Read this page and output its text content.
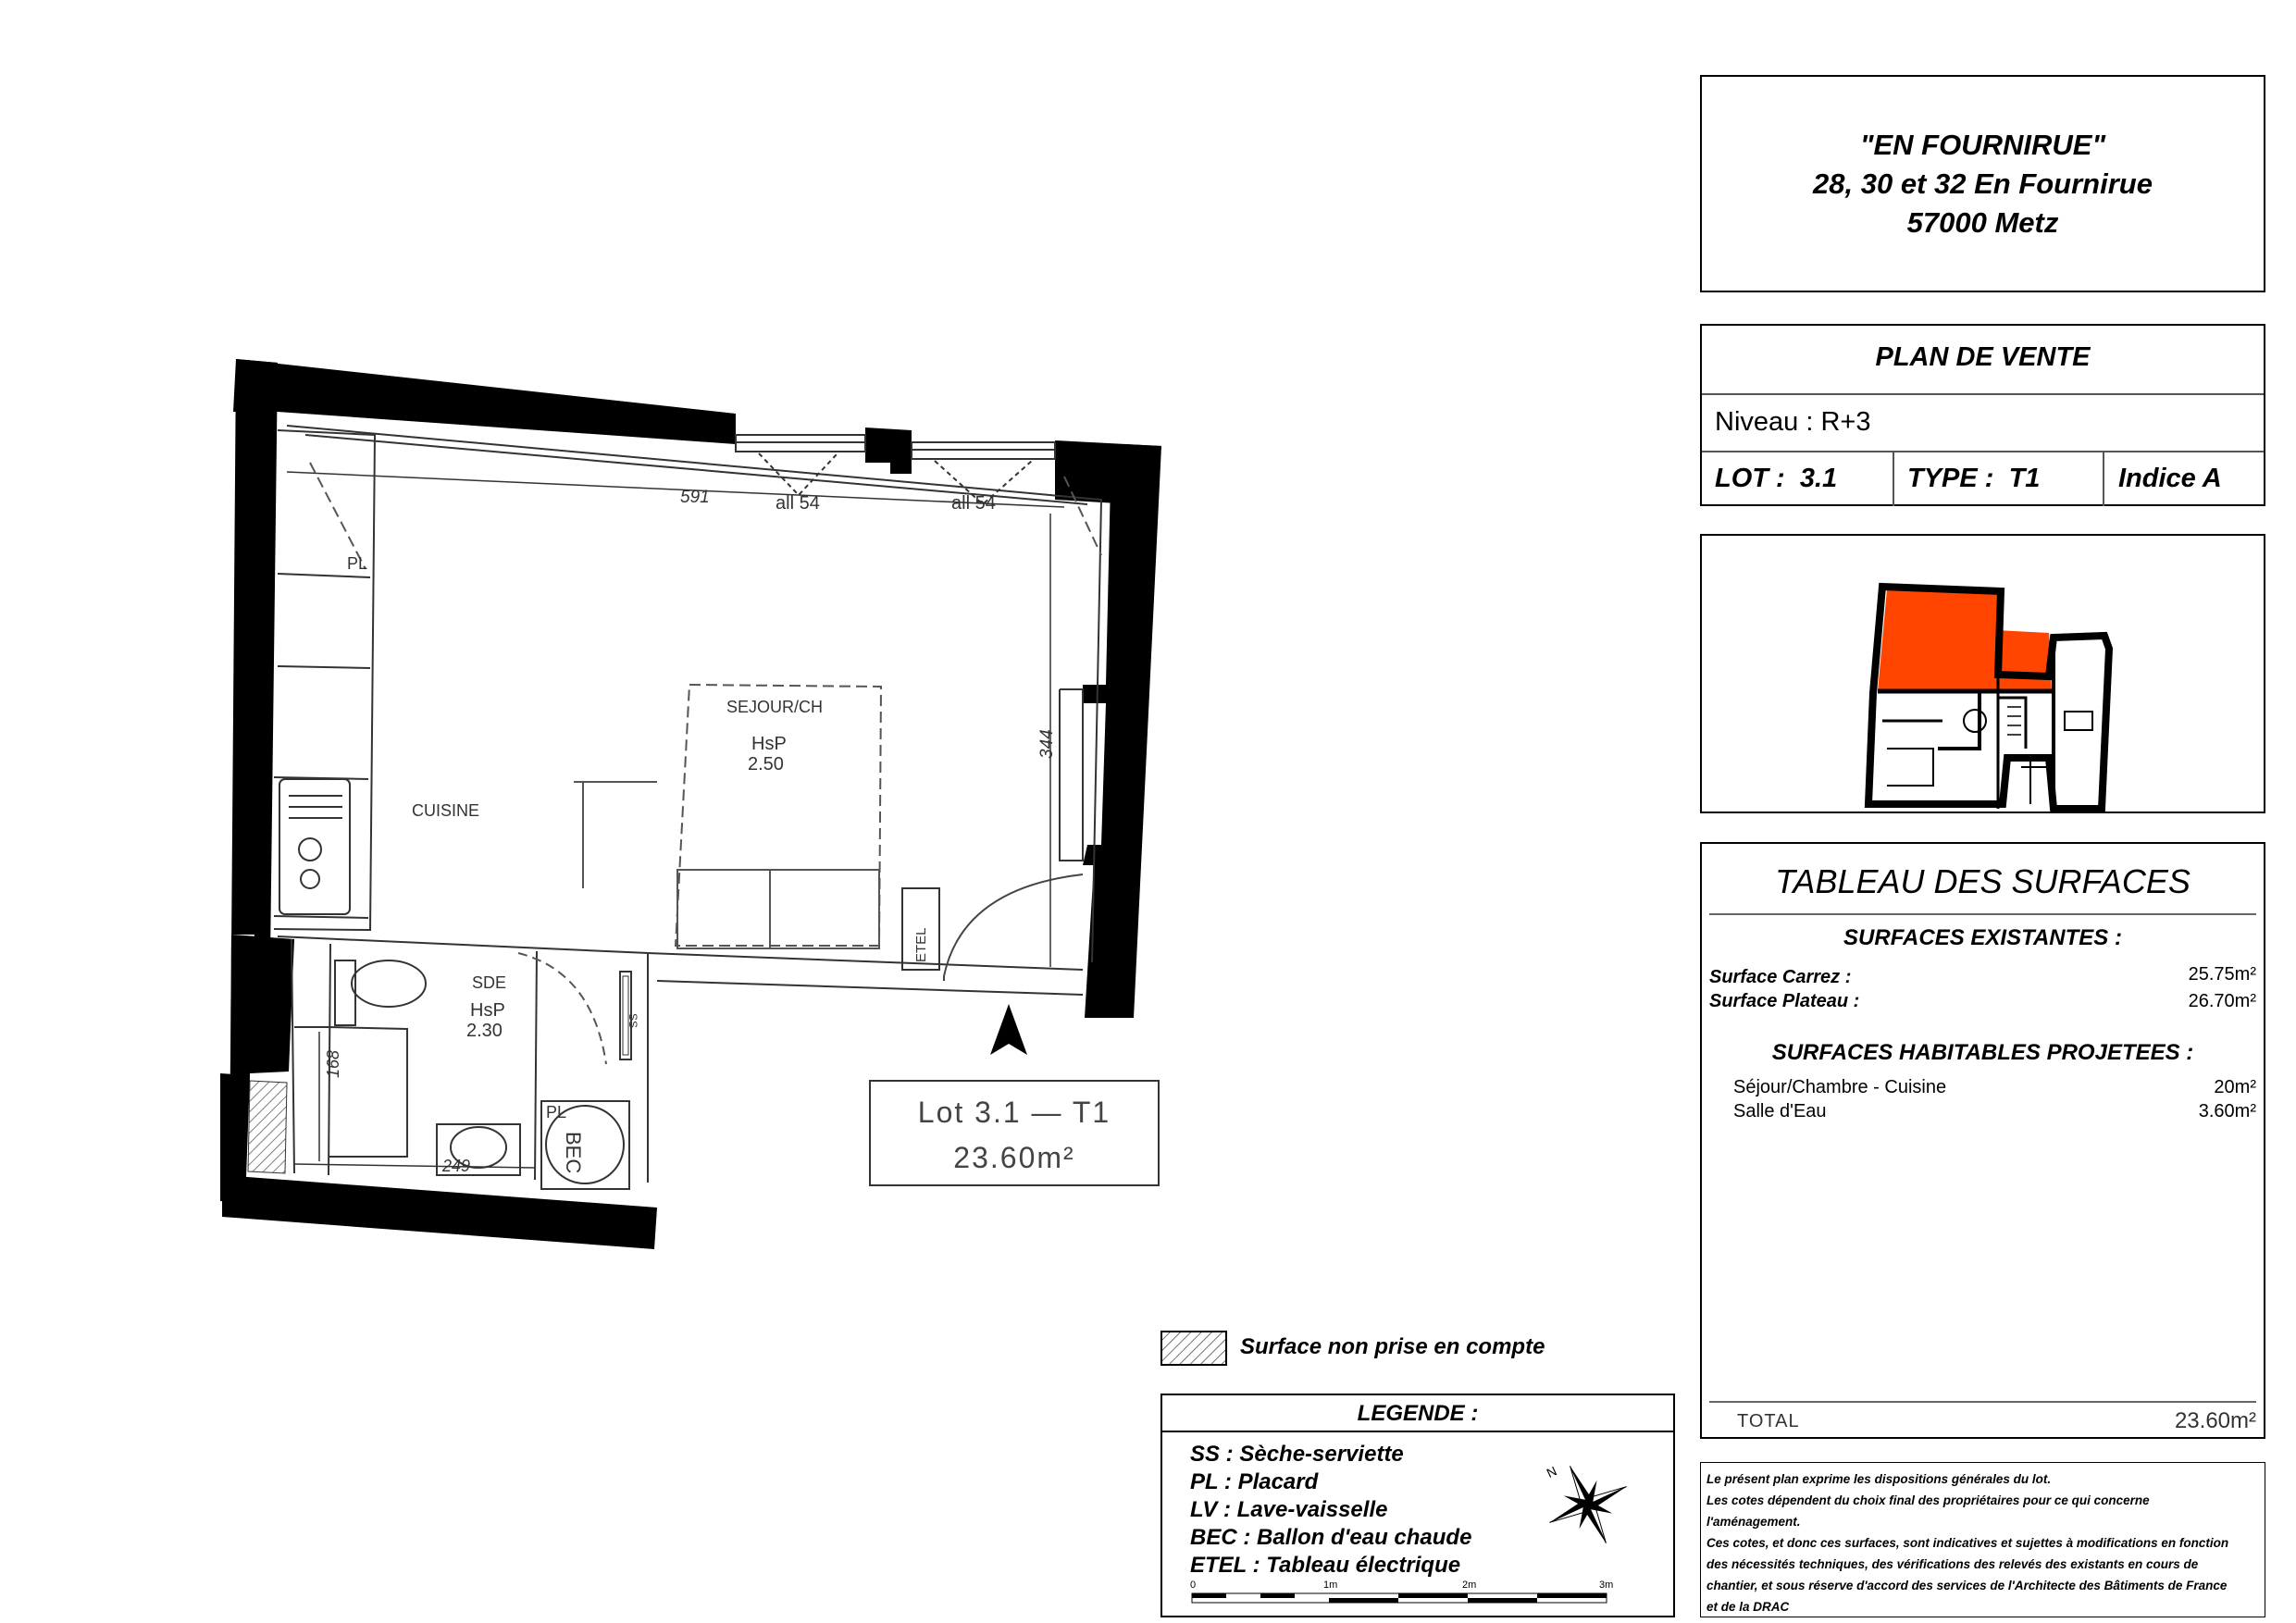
"EN FOURNIRUE"
28, 30 et 32 En Fournirue
57000 Metz
PLAN DE VENTE
Niveau : R+3
LOT :  3.1	TYPE :  T1	Indice A
TABLEAU DES SURFACES
SURFACES EXISTANTES :
Surface Carrez :	25.75m²
Surface Plateau :	26.70m²
SURFACES HABITABLES PROJETEES :
Séjour/Chambre - Cuisine	20m²
Salle d'Eau	3.60m²
TOTAL	23.60m²
Le présent plan exprime les dispositions générales du lot.
Les cotes dépendent du choix final des propriétaires pour ce qui concerne
l'aménagement.
Ces cotes, et donc ces surfaces, sont indicatives et sujettes à modifications en fonction
des nécessités techniques, des vérifications des relevés des existants en cours de
chantier, et sous réserve d'accord des services de l'Architecte des Bâtiments de France
et de la DRAC
Surface non prise en compte
LEGENDE :
SS : Sèche-serviette
PL : Placard
LV : Lave-vaisselle
BEC : Ballon d'eau chaude
ETEL : Tableau électrique
N
0	1m	2m	3m
CUISINE
SEJOUR/CH
HsP
2.50
SDE
HsP
2.30
PL
PL
all 54	all 54
ETEL
SS
BEC
591
344
168
249
Lot 3.1 — T1
23.60m²
